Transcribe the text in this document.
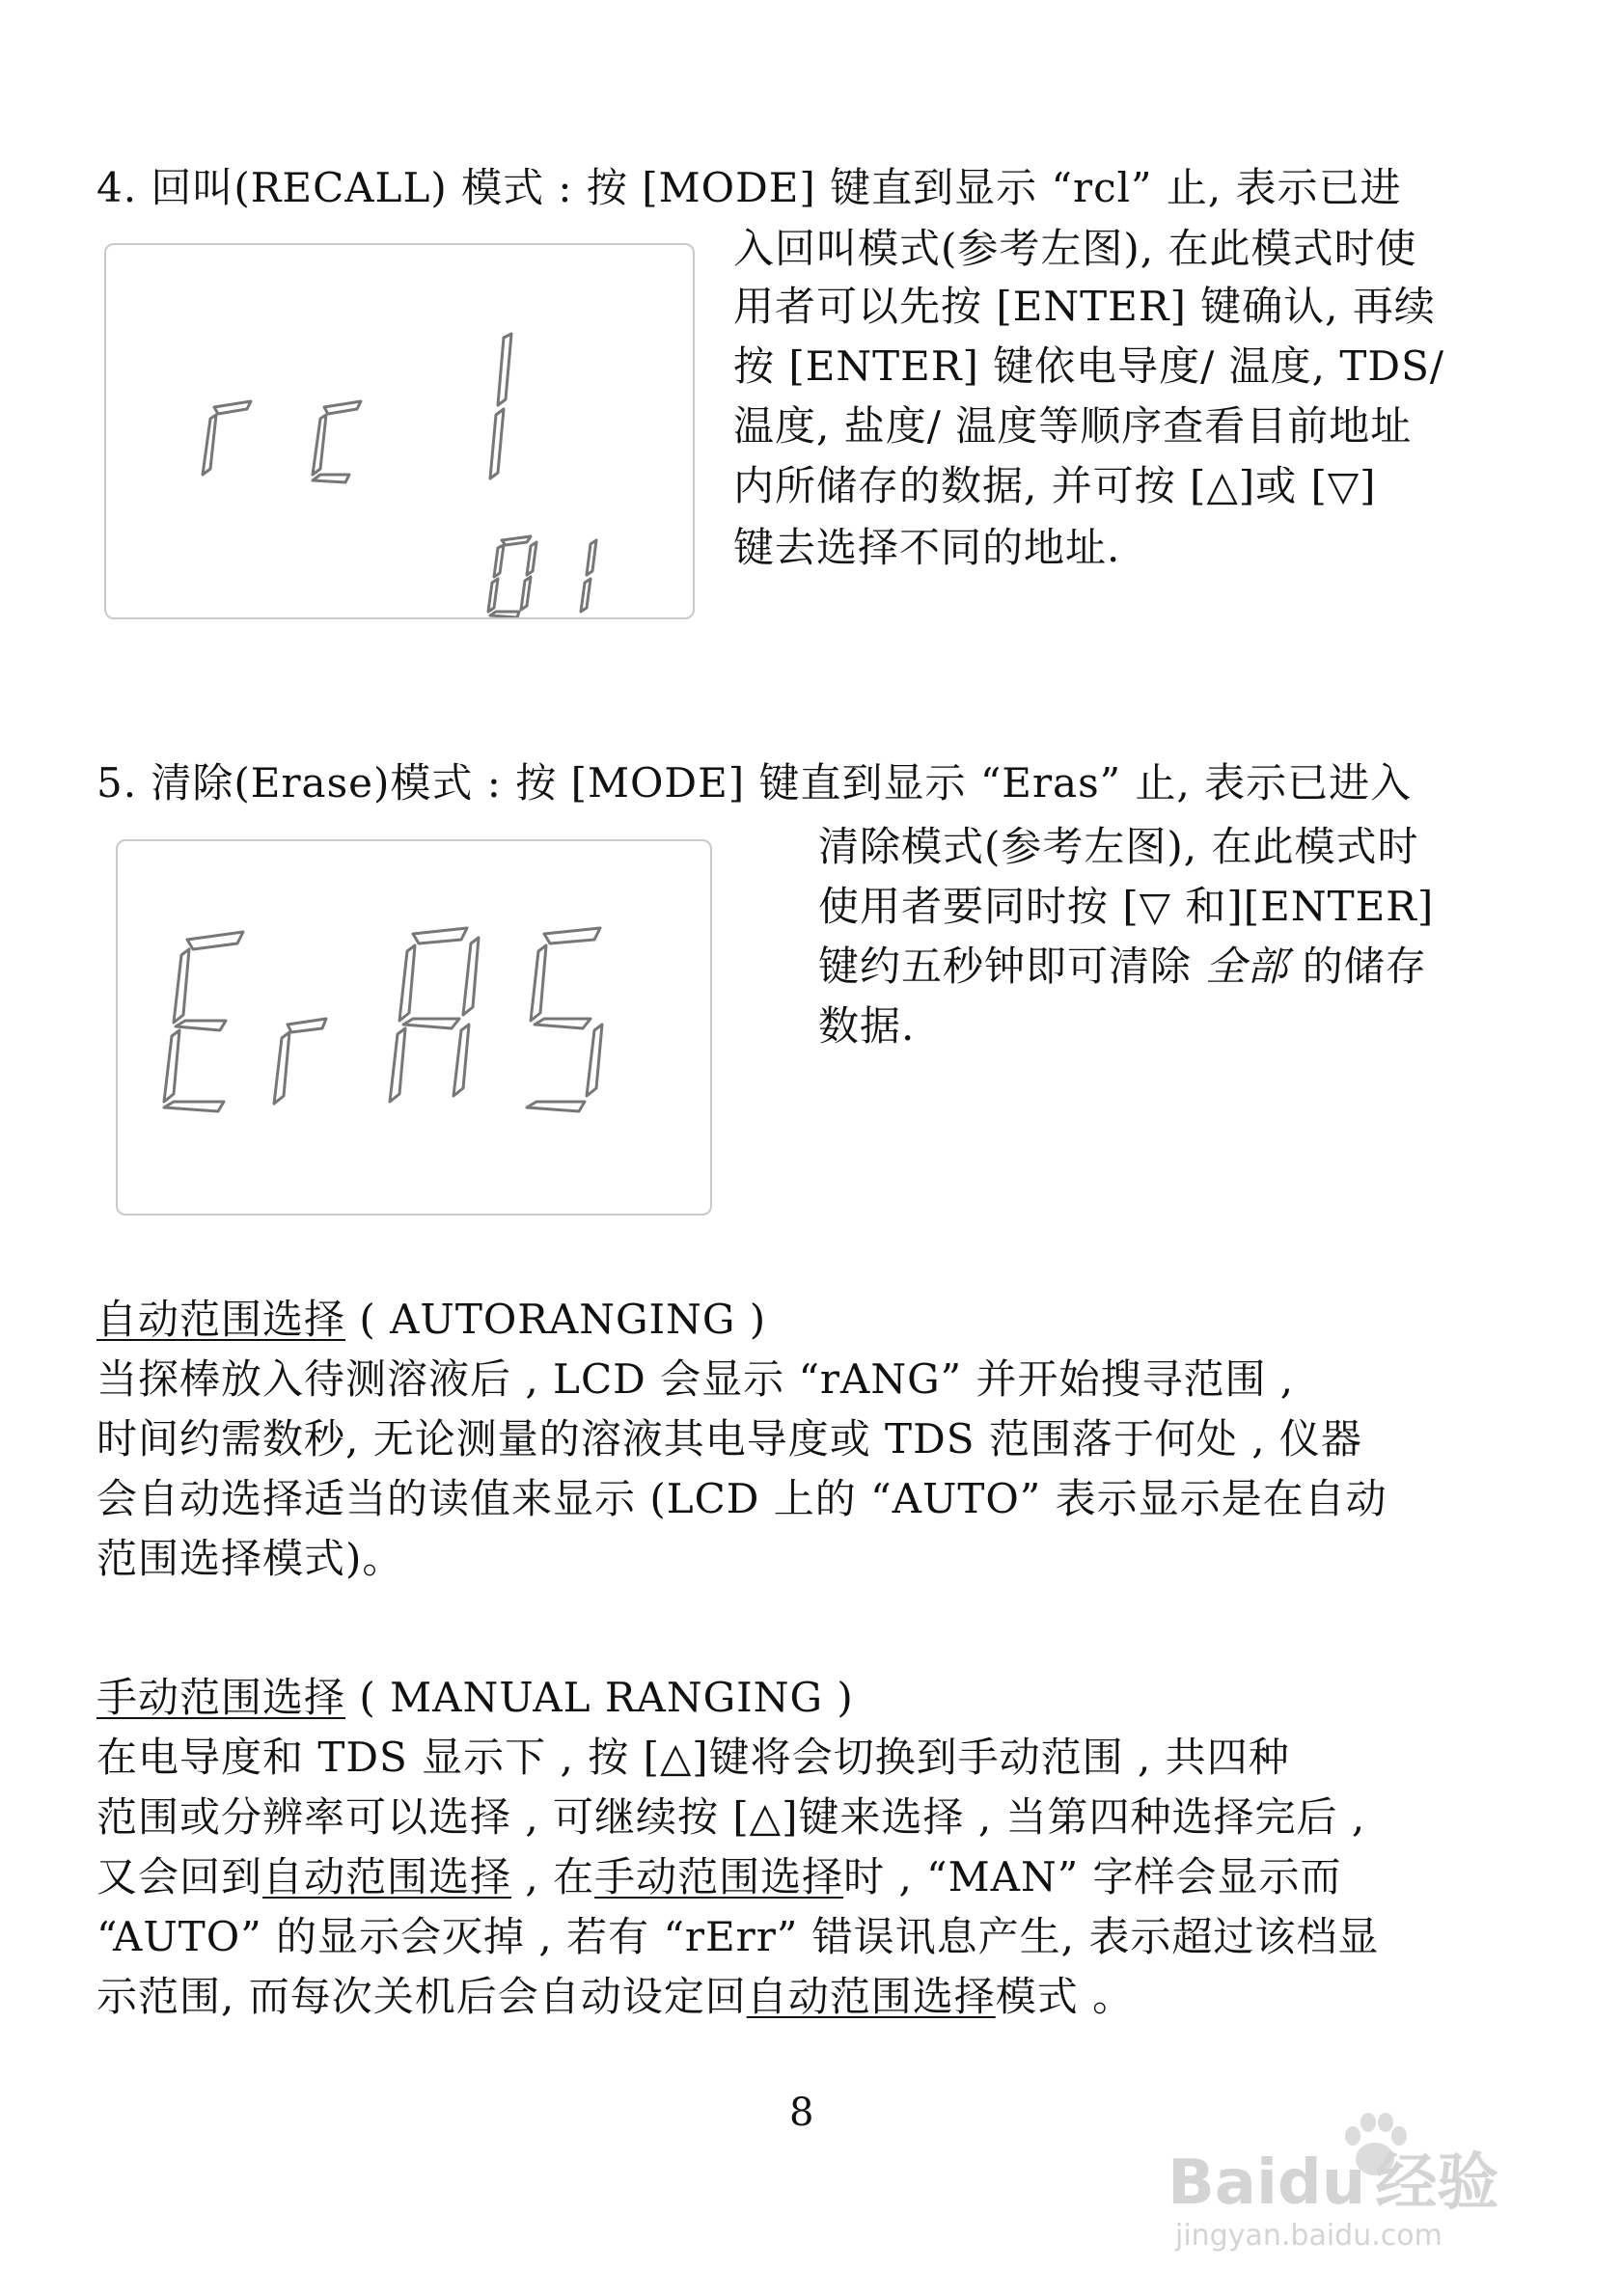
4. 回叫(RECALL) 模式 : 按 [MODE] 键直到显示 “rcl” 止, 表示已进
入回叫模式(参考左图), 在此模式时使
用者可以先按 [ENTER] 键确认, 再续
按 [ENTER] 键依电导度/ 温度, TDS/
温度, 盐度/ 温度等顺序查看目前地址
内所储存的数据, 并可按 [△]或 [▽]
键去选择不同的地址.
5. 清除(Erase)模式 : 按 [MODE] 键直到显示 “Eras” 止, 表示已进入
清除模式(参考左图), 在此模式时
使用者要同时按 [▽ 和][ENTER]
键约五秒钟即可清除 全部 的储存
数据.
自动范围选择 ( AUTORANGING )
当探棒放入待测溶液后 , LCD 会显示 “rANG” 并开始搜寻范围 ,
时间约需数秒, 无论测量的溶液其电导度或 TDS 范围落于何处 , 仪器
会自动选择适当的读值来显示 (LCD 上的 “AUTO” 表示显示是在自动
范围选择模式)。
手动范围选择 ( MANUAL RANGING )
在电导度和 TDS 显示下 , 按 [△]键将会切换到手动范围 , 共四种
范围或分辨率可以选择 , 可继续按 [△]键来选择 , 当第四种选择完后 ,
又会回到自动范围选择 , 在手动范围选择时 , “MAN” 字样会显示而
“AUTO” 的显示会灭掉 , 若有 “rErr” 错误讯息产生, 表示超过该档显
示范围, 而每次关机后会自动设定回自动范围选择模式 。
8
Baidu 经验
jingyan.baidu.com
